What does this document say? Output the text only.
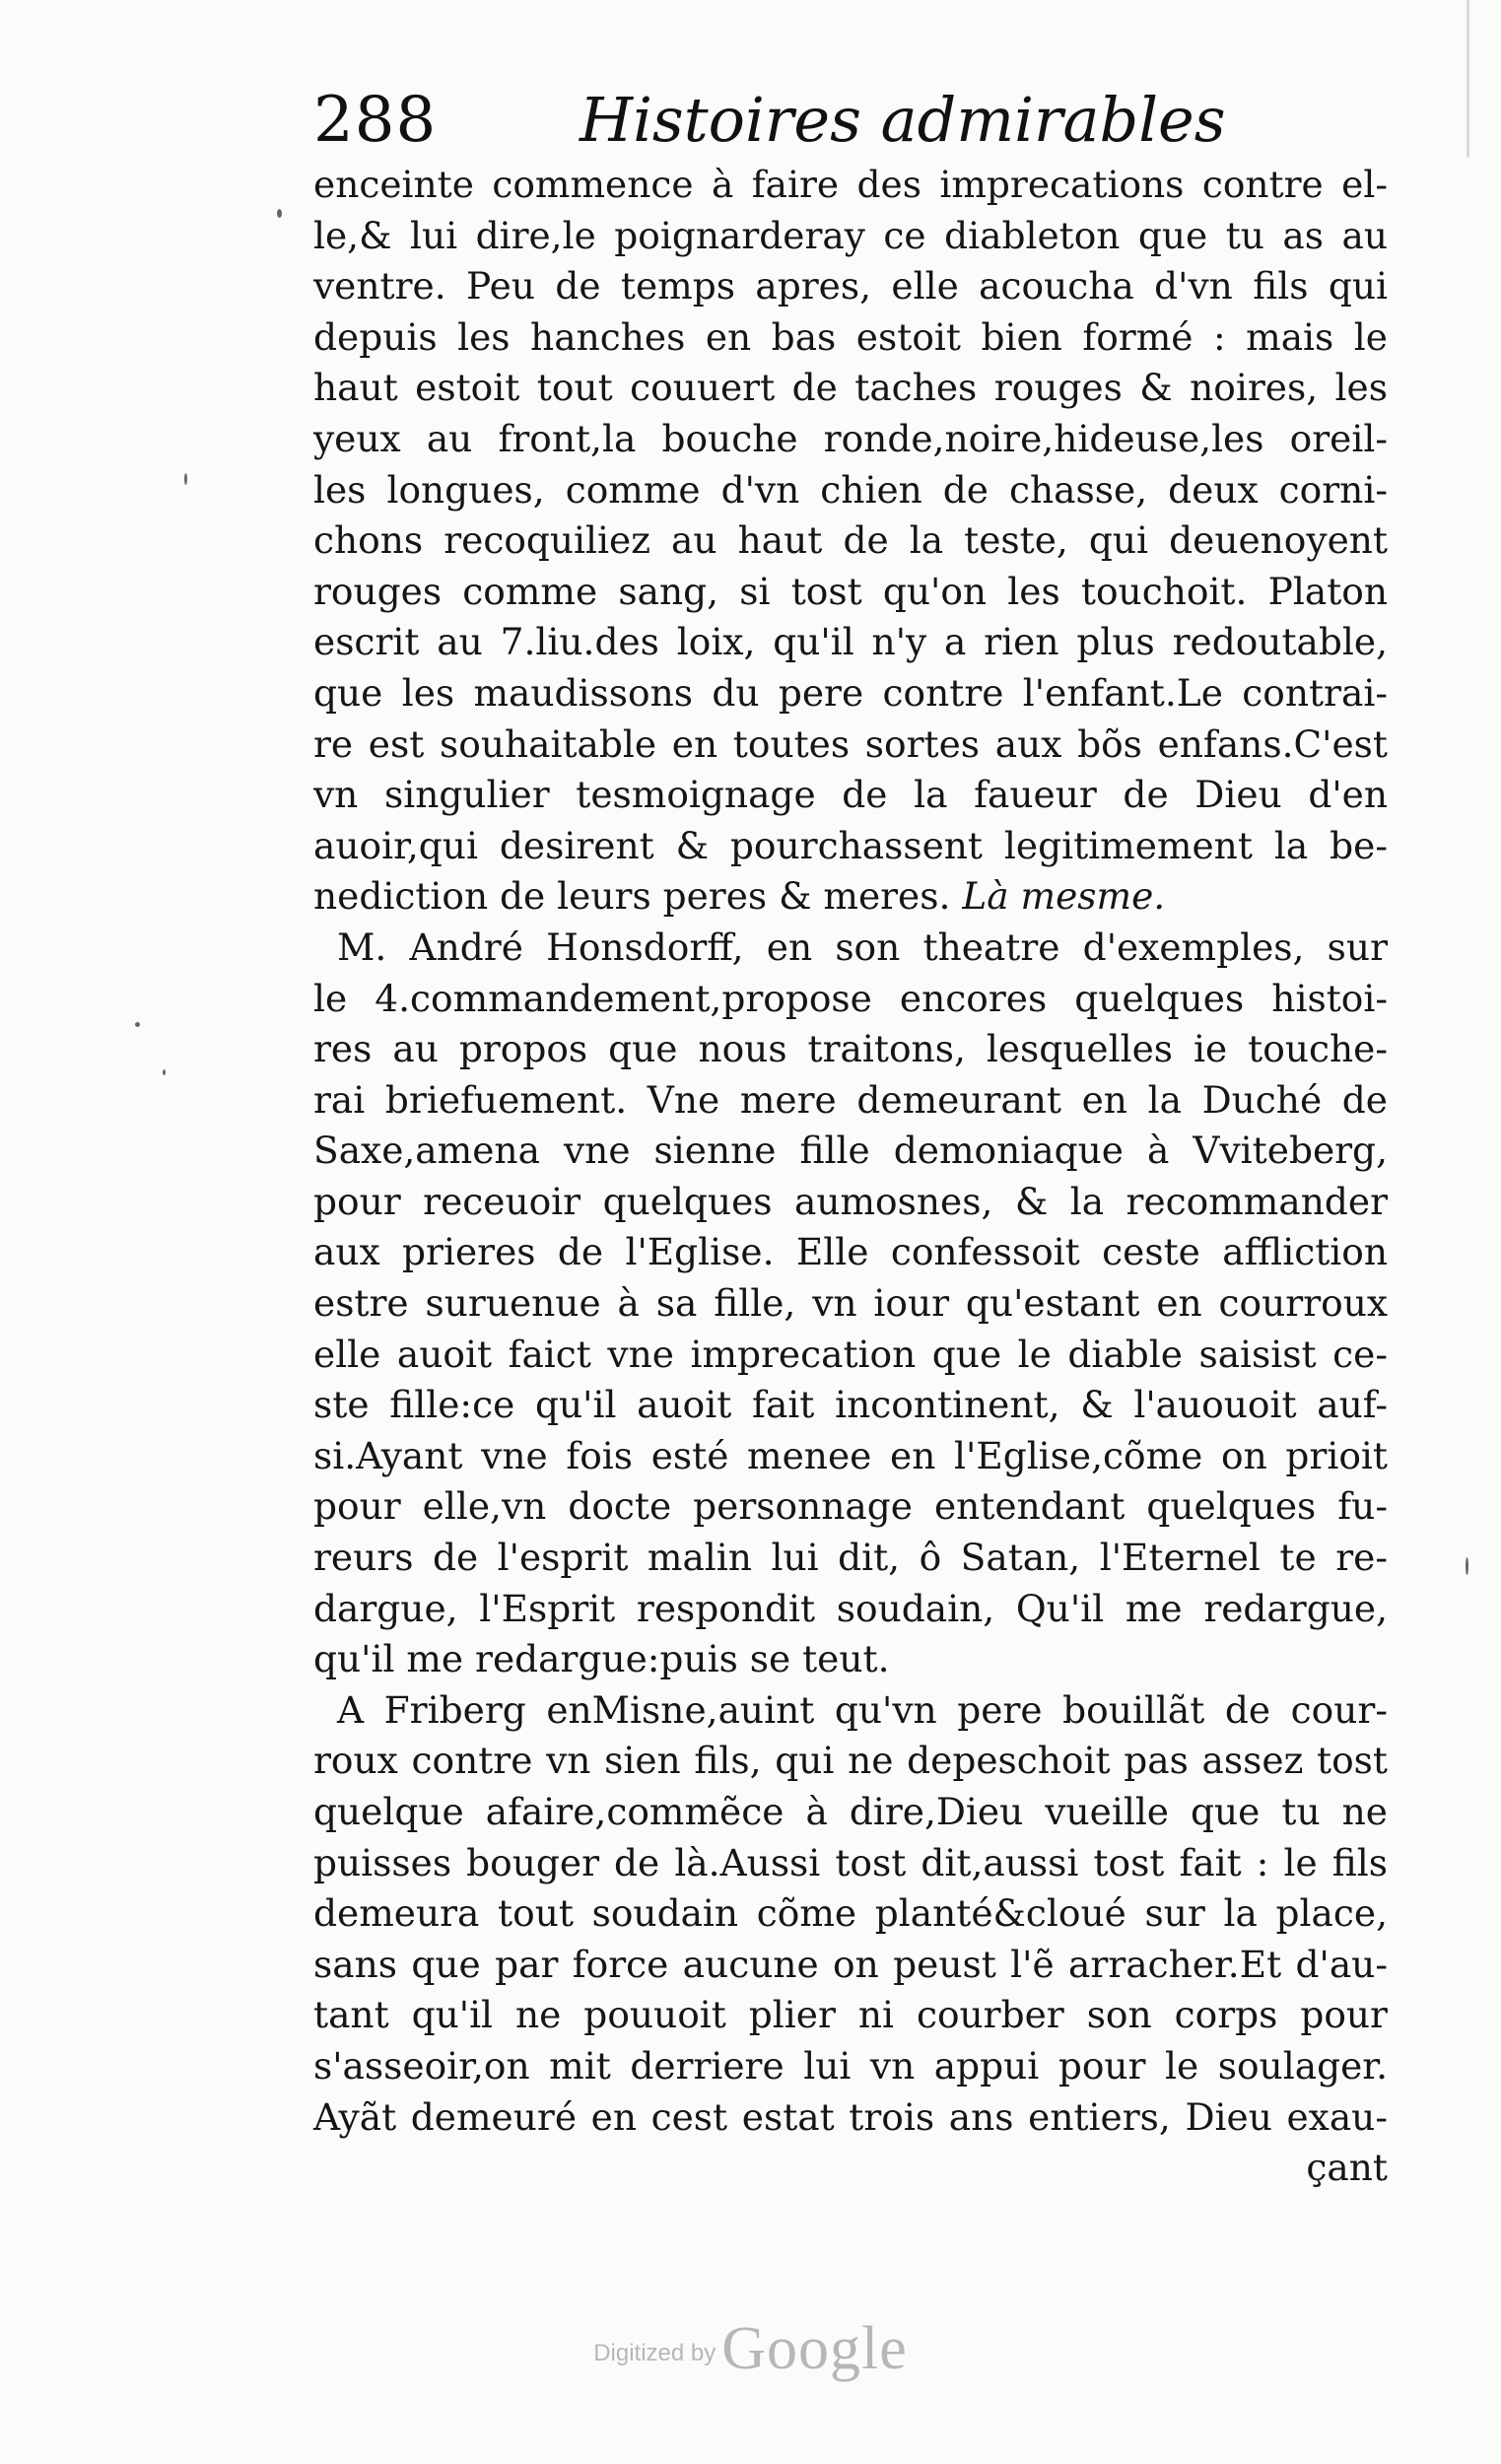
288 Histoires admirables
enceinte commence à faire des imprecations contre el-
le,& lui dire,le poignarderay ce diableton que tu as au
ventre. Peu de temps apres, elle acoucha d'vn fils qui
depuis les hanches en bas estoit bien formé : mais le
haut estoit tout couuert de taches rouges & noires, les
yeux au front,la bouche ronde,noire,hideuse,les oreil-
les longues, comme d'vn chien de chasse, deux corni-
chons recoquiliez au haut de la teste, qui deuenoyent
rouges comme sang, si tost qu'on les touchoit. Platon
escrit au 7.liu.des loix, qu'il n'y a rien plus redoutable,
que les maudissons du pere contre l'enfant.Le contrai-
re est souhaitable en toutes sortes aux bõs enfans.C'est
vn singulier tesmoignage de la faueur de Dieu d'en
auoir,qui desirent & pourchassent legitimement la be-
nediction de leurs peres & meres. Là mesme.
M. André Honsdorff, en son theatre d'exemples, sur
le 4.commandement,propose encores quelques histoi-
res au propos que nous traitons, lesquelles ie touche-
rai briefuement. Vne mere demeurant en la Duché de
Saxe,amena vne sienne fille demoniaque à Vviteberg,
pour receuoir quelques aumosnes, & la recommander
aux prieres de l'Eglise. Elle confessoit ceste affliction
estre suruenue à sa fille, vn iour qu'estant en courroux
elle auoit faict vne imprecation que le diable saisist ce-
ste fille:ce qu'il auoit fait incontinent, & l'auouoit auf-
si.Ayant vne fois esté menee en l'Eglise,cõme on prioit
pour elle,vn docte personnage entendant quelques fu-
reurs de l'esprit malin lui dit, ô Satan, l'Eternel te re-
dargue, l'Esprit respondit soudain, Qu'il me redargue,
qu'il me redargue:puis se teut.
A Friberg enMisne,auint qu'vn pere bouillãt de cour-
roux contre vn sien fils, qui ne depeschoit pas assez tost
quelque afaire,commẽce à dire,Dieu vueille que tu ne
puisses bouger de là.Aussi tost dit,aussi tost fait : le fils
demeura tout soudain cõme planté&cloué sur la place,
sans que par force aucune on peust l'ẽ arracher.Et d'au-
tant qu'il ne pouuoit plier ni courber son corps pour
s'asseoir,on mit derriere lui vn appui pour le soulager.
Ayãt demeuré en cest estat trois ans entiers, Dieu exau-
çant
Digitized byGoogle
